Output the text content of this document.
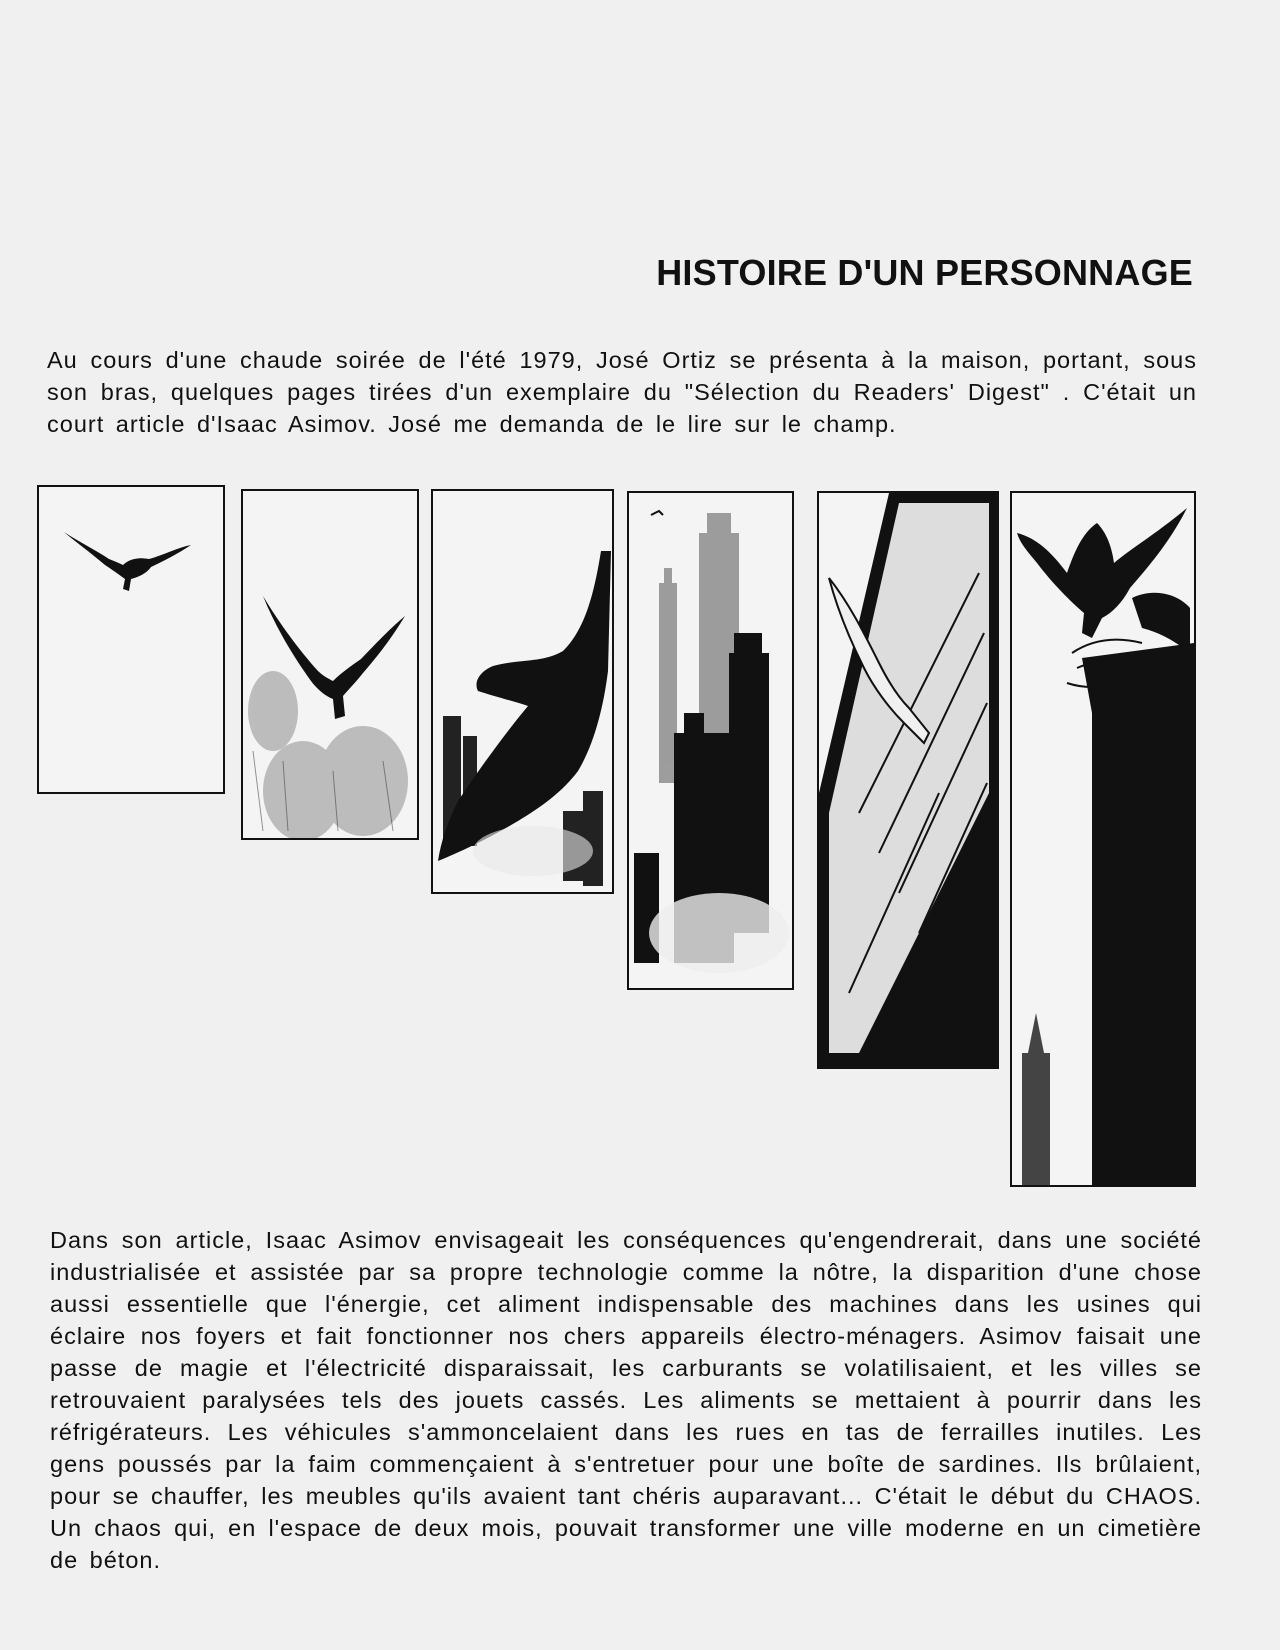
HISTOIRE D'UN PERSONNAGE

Au cours d'une chaude soirée de l'été 1979, José Ortiz se présenta à la maison, portant, sous son bras, quelques pages tirées d'un exemplaire du "Sélection du Readers' Digest" . C'était un court article d'Isaac Asimov. José me demanda de le lire sur le champ.

Dans son article, Isaac Asimov envisageait les conséquences qu'engendrerait, dans une société industrialisée et assistée par sa propre technologie comme la nôtre, la disparition d'une chose aussi essentielle que l'énergie, cet aliment indispensable des machines dans les usines qui éclaire nos foyers et fait fonctionner nos chers appareils électro-ménagers. Asimov faisait une passe de magie et l'électricité disparaissait, les carburants se volatilisaient, et les villes se retrouvaient paralysées tels des jouets cassés. Les aliments se mettaient à pourrir dans les réfrigérateurs. Les véhicules s'ammoncelaient dans les rues en tas de ferrailles inutiles. Les gens poussés par la faim commençaient à s'entretuer pour une boîte de sardines. Ils brûlaient, pour se chauffer, les meubles qu'ils avaient tant chéris auparavant... C'était le début du CHAOS. Un chaos qui, en l'espace de deux mois, pouvait transformer une ville moderne en un cimetière de béton.
